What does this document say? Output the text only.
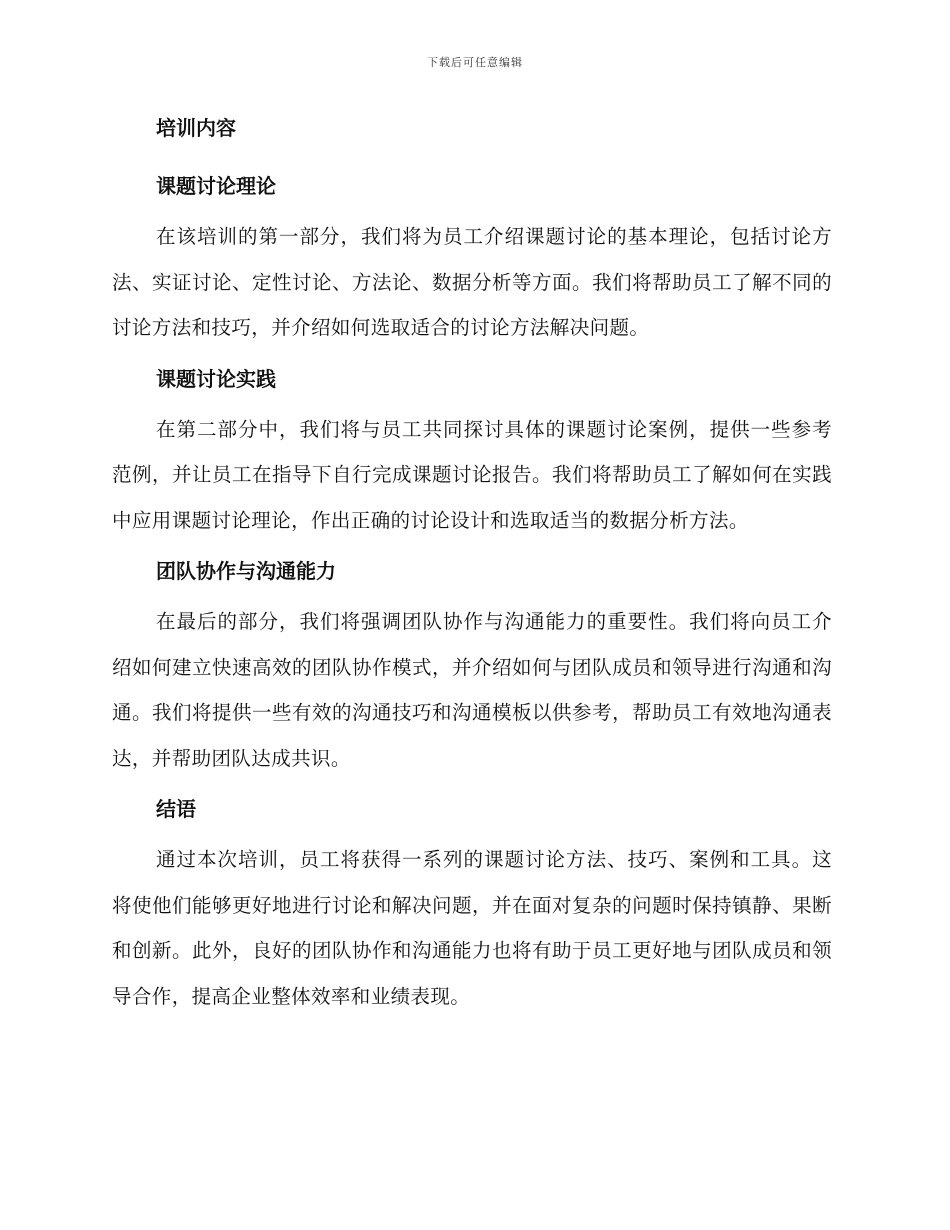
下载后可任意编辑
培训内容
课题讨论理论

在该培训的第一部分，我们将为员工介绍课题讨论的基本理论，包括讨论方法、实证讨论、定性讨论、方法论、数据分析等方面。我们将帮助员工了解不同的讨论方法和技巧，并介绍如何选取适合的讨论方法解决问题。

课题讨论实践

在第二部分中，我们将与员工共同探讨具体的课题讨论案例，提供一些参考范例，并让员工在指导下自行完成课题讨论报告。我们将帮助员工了解如何在实践中应用课题讨论理论，作出正确的讨论设计和选取适当的数据分析方法。

团队协作与沟通能力

在最后的部分，我们将强调团队协作与沟通能力的重要性。我们将向员工介绍如何建立快速高效的团队协作模式，并介绍如何与团队成员和领导进行沟通和沟通。我们将提供一些有效的沟通技巧和沟通模板以供参考，帮助员工有效地沟通表达，并帮助团队达成共识。

结语

通过本次培训，员工将获得一系列的课题讨论方法、技巧、案例和工具。这将使他们能够更好地进行讨论和解决问题，并在面对复杂的问题时保持镇静、果断和创新。此外，良好的团队协作和沟通能力也将有助于员工更好地与团队成员和领导合作，提高企业整体效率和业绩表现。
